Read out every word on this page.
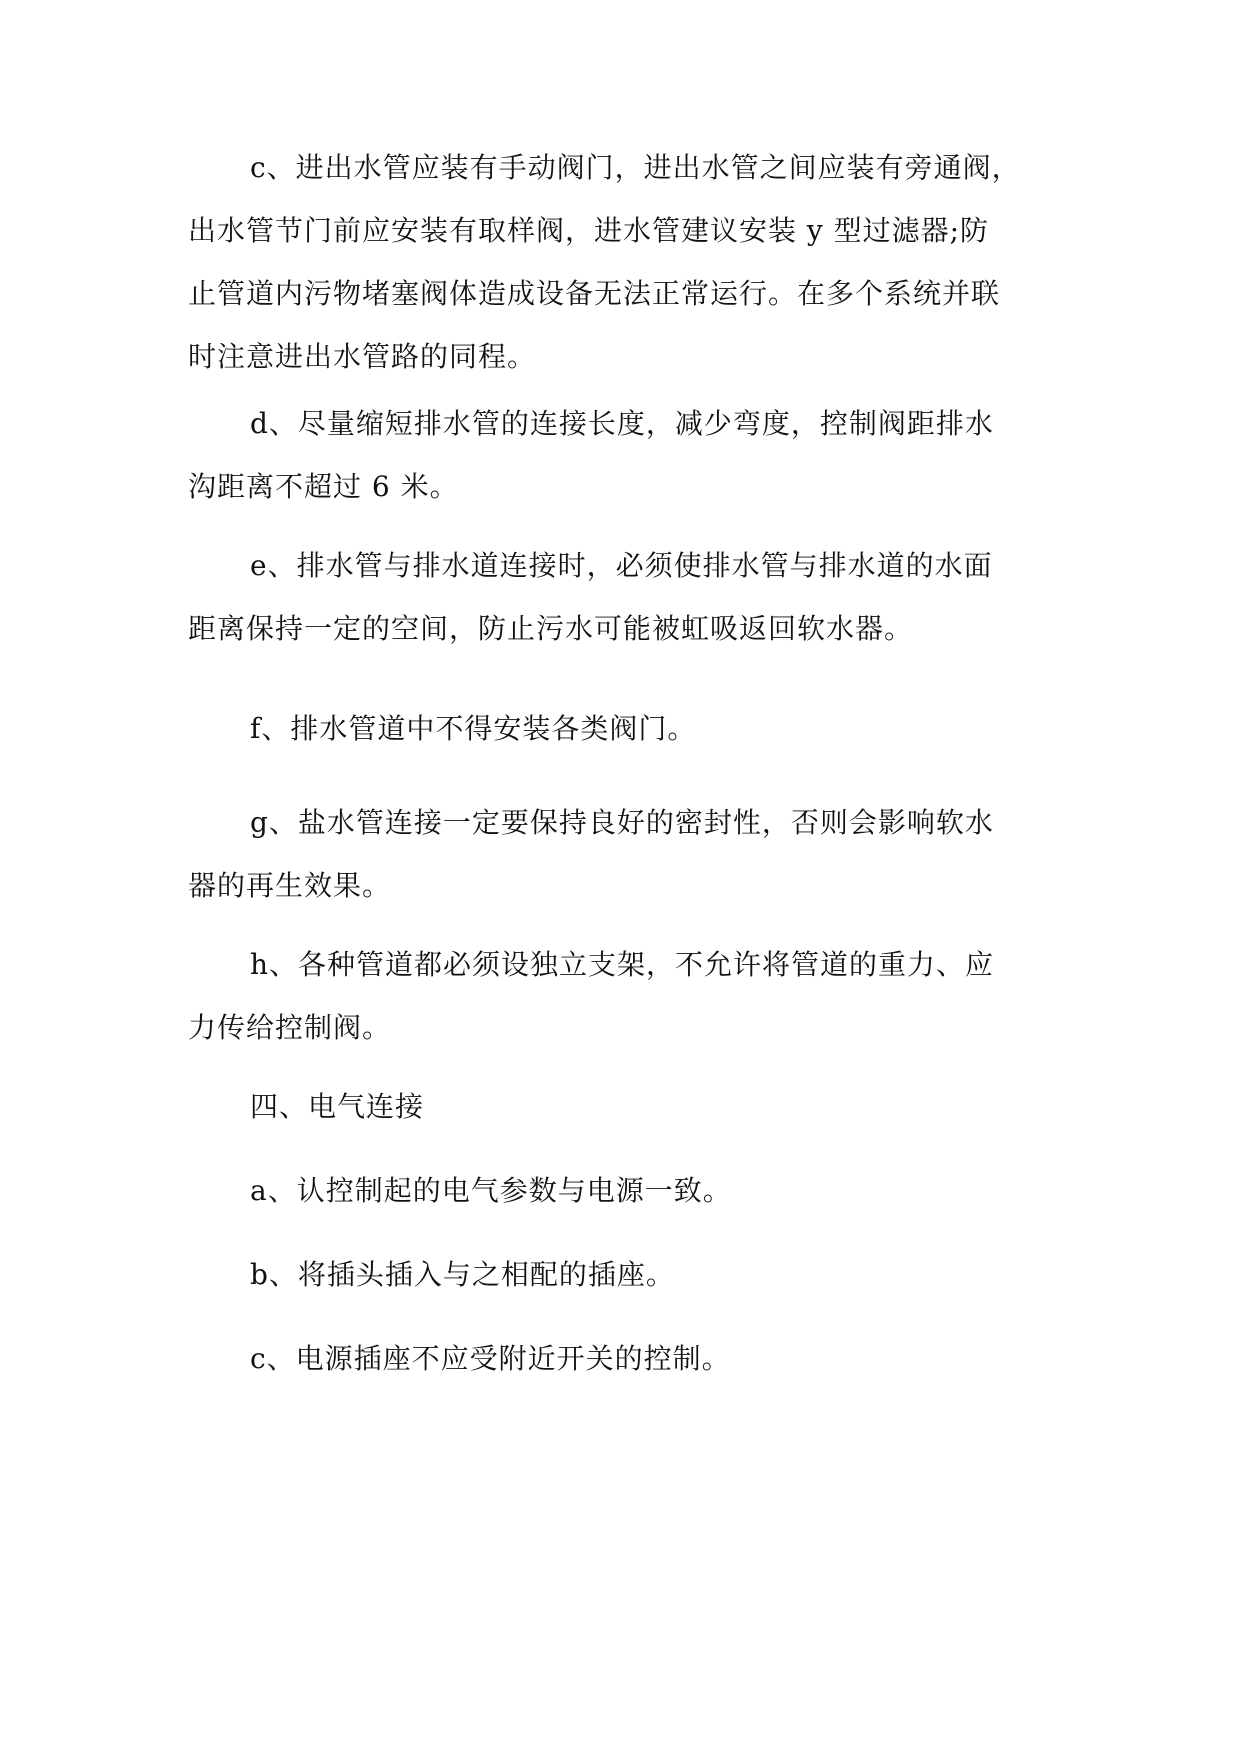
c、进出水管应装有手动阀门，进出水管之间应装有旁通阀，
出水管节门前应安装有取样阀，进水管建议安装 y 型过滤器;防
止管道内污物堵塞阀体造成设备无法正常运行。在多个系统并联
时注意进出水管路的同程。

d、尽量缩短排水管的连接长度，减少弯度，控制阀距排水
沟距离不超过 6 米。

e、排水管与排水道连接时，必须使排水管与排水道的水面
距离保持一定的空间，防止污水可能被虹吸返回软水器。

f、排水管道中不得安装各类阀门。

g、盐水管连接一定要保持良好的密封性，否则会影响软水
器的再生效果。

h、各种管道都必须设独立支架，不允许将管道的重力、应
力传给控制阀。

四、电气连接

a、认控制起的电气参数与电源一致。

b、将插头插入与之相配的插座。

c、电源插座不应受附近开关的控制。
